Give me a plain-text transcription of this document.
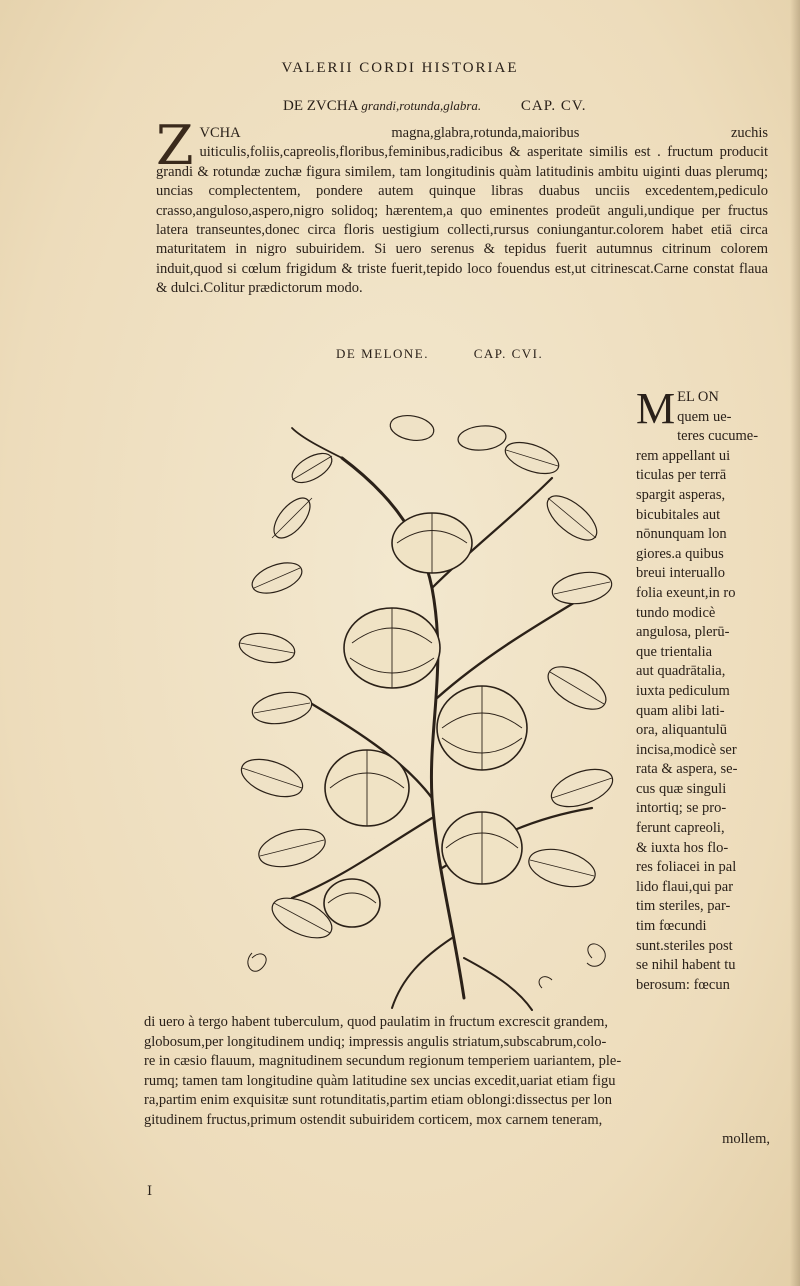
VALERII CORDI HISTORIAE
DE ZVCHA grandi,rotunda,glabra.	CAP. CV.
Z VCHA magna,glabra,rotunda,maioribus zuchis uiticulis,foliis,capreolis,floribus,feminibus,radicibus & asperitate similis est . fructum producit grandi & rotundæ zuchæ figura similem, tam longitudinis quàm latitudinis ambitu uiginti duas plerumq; uncias complectentem, pondere autem quinque libras duabus unciis excedentem,pediculo crasso,anguloso,aspero,nigro solidoq; hærentem,a quo eminentes prodeūt anguli,undique per fructus latera transeuntes,donec circa floris uestigium collecti,rursus coniungantur.colorem habet etiā circa maturitatem in nigro subuiridem. Si uero serenus & tepidus fuerit autumnus citrinum colorem induit,quod si cœlum frigidum & triste fuerit,tepido loco fouendus est,ut citrinescat.Carne constat flaua & dulci.Colitur prædictorum modo.
DE MELONE.	CAP. CVI.
M EL ON
quem ue-
teres cucume-
rem appellant ui
ticulas per terrā
spargit asperas,
bicubitales aut
nōnunquam lon
giores.a quibus
breui interuallo
folia exeunt,in ro
tundo modicè
angulosa, plerū-
que trientalia
aut quadrātalia,
iuxta pediculum
quam alibi lati-
ora, aliquantulū
incisa,modicè ser
rata & aspera, se-
cus quæ singuli
intortiq; se pro-
ferunt capreoli,
& iuxta hos flo-
res foliacei in pal
lido flaui,qui par
tim steriles, par-
tim fœcundi
sunt.steriles post
se nihil habent tu
berosum: fœcun
di uero à tergo habent tuberculum, quod paulatim in fructum excrescit grandem,
globosum,per longitudinem undiq; impressis angulis striatum,subscabrum,colo-
re in cæsio flauum, magnitudinem secundum regionum temperiem uariantem, ple-
rumq; tamen tam longitudine quàm latitudine sex uncias excedit,uariat etiam figu
ra,partim enim exquisitæ sunt rotunditatis,partim etiam oblongi:dissectus per lon
gitudinem fructus,primum ostendit subuiridem corticem, mox carnem teneram,
mollem,
I
